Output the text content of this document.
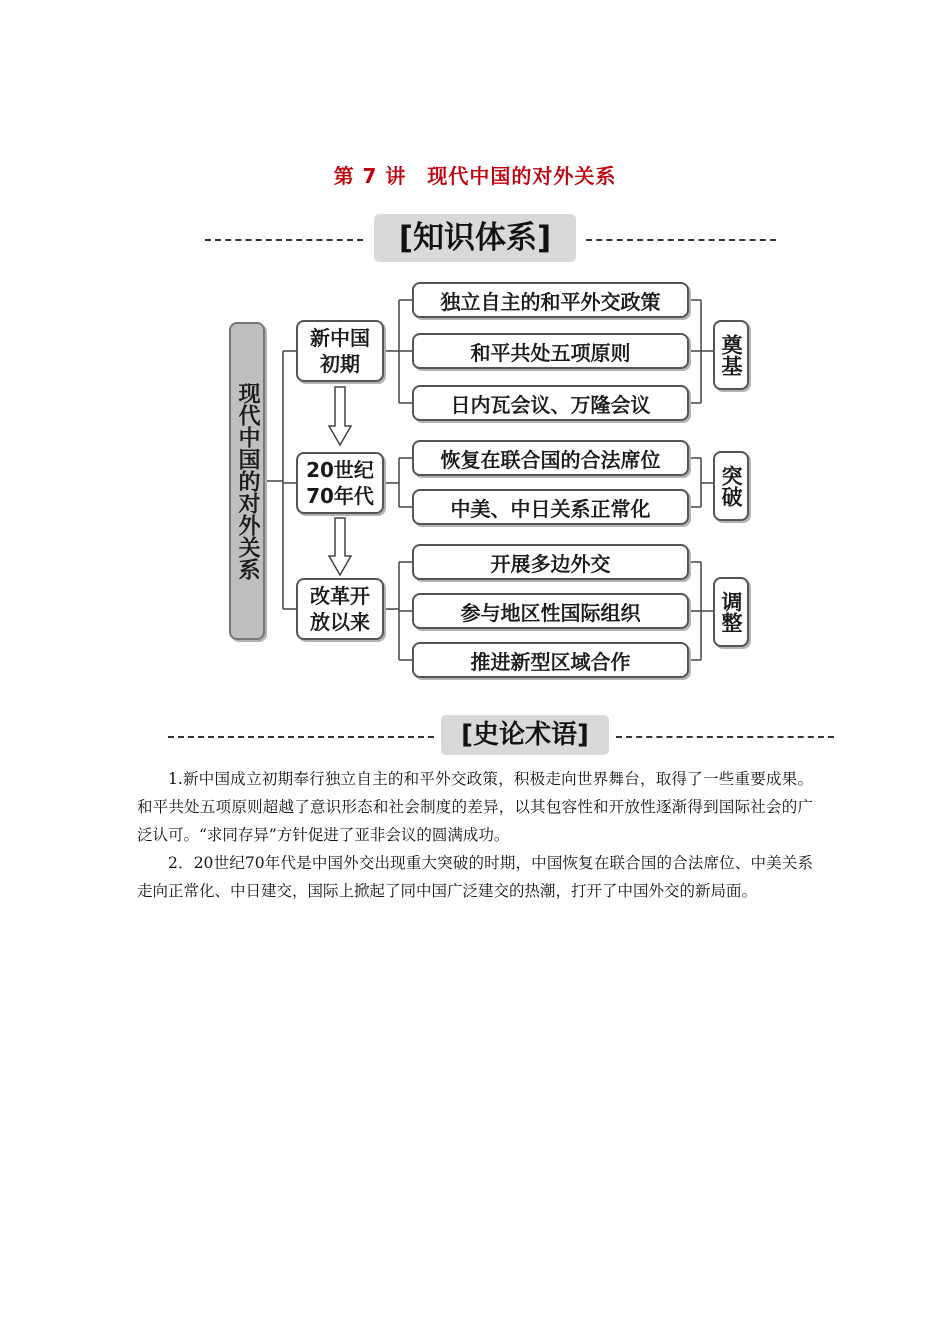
第 7 讲　现代中国的对外关系
[知识体系]
现代中国的对外关系
新中国
初期
20世纪
70年代
改革开
放以来
独立自主的和平外交政策
和平共处五项原则
日内瓦会议、万隆会议
恢复在联合国的合法席位
中美、中日关系正常化
开展多边外交
参与地区性国际组织
推进新型区域合作
奠基
突破
调整
[史论术语]

1.新中国成立初期奉行独立自主的和平外交政策，积极走向世界舞台，取得了一些重要成果。和平共处五项原则超越了意识形态和社会制度的差异，以其包容性和开放性逐渐得到国际社会的广泛认可。“求同存异”方针促进了亚非会议的圆满成功。

2．20世纪70年代是中国外交出现重大突破的时期，中国恢复在联合国的合法席位、中美关系走向正常化、中日建交，国际上掀起了同中国广泛建交的热潮，打开了中国外交的新局面。
